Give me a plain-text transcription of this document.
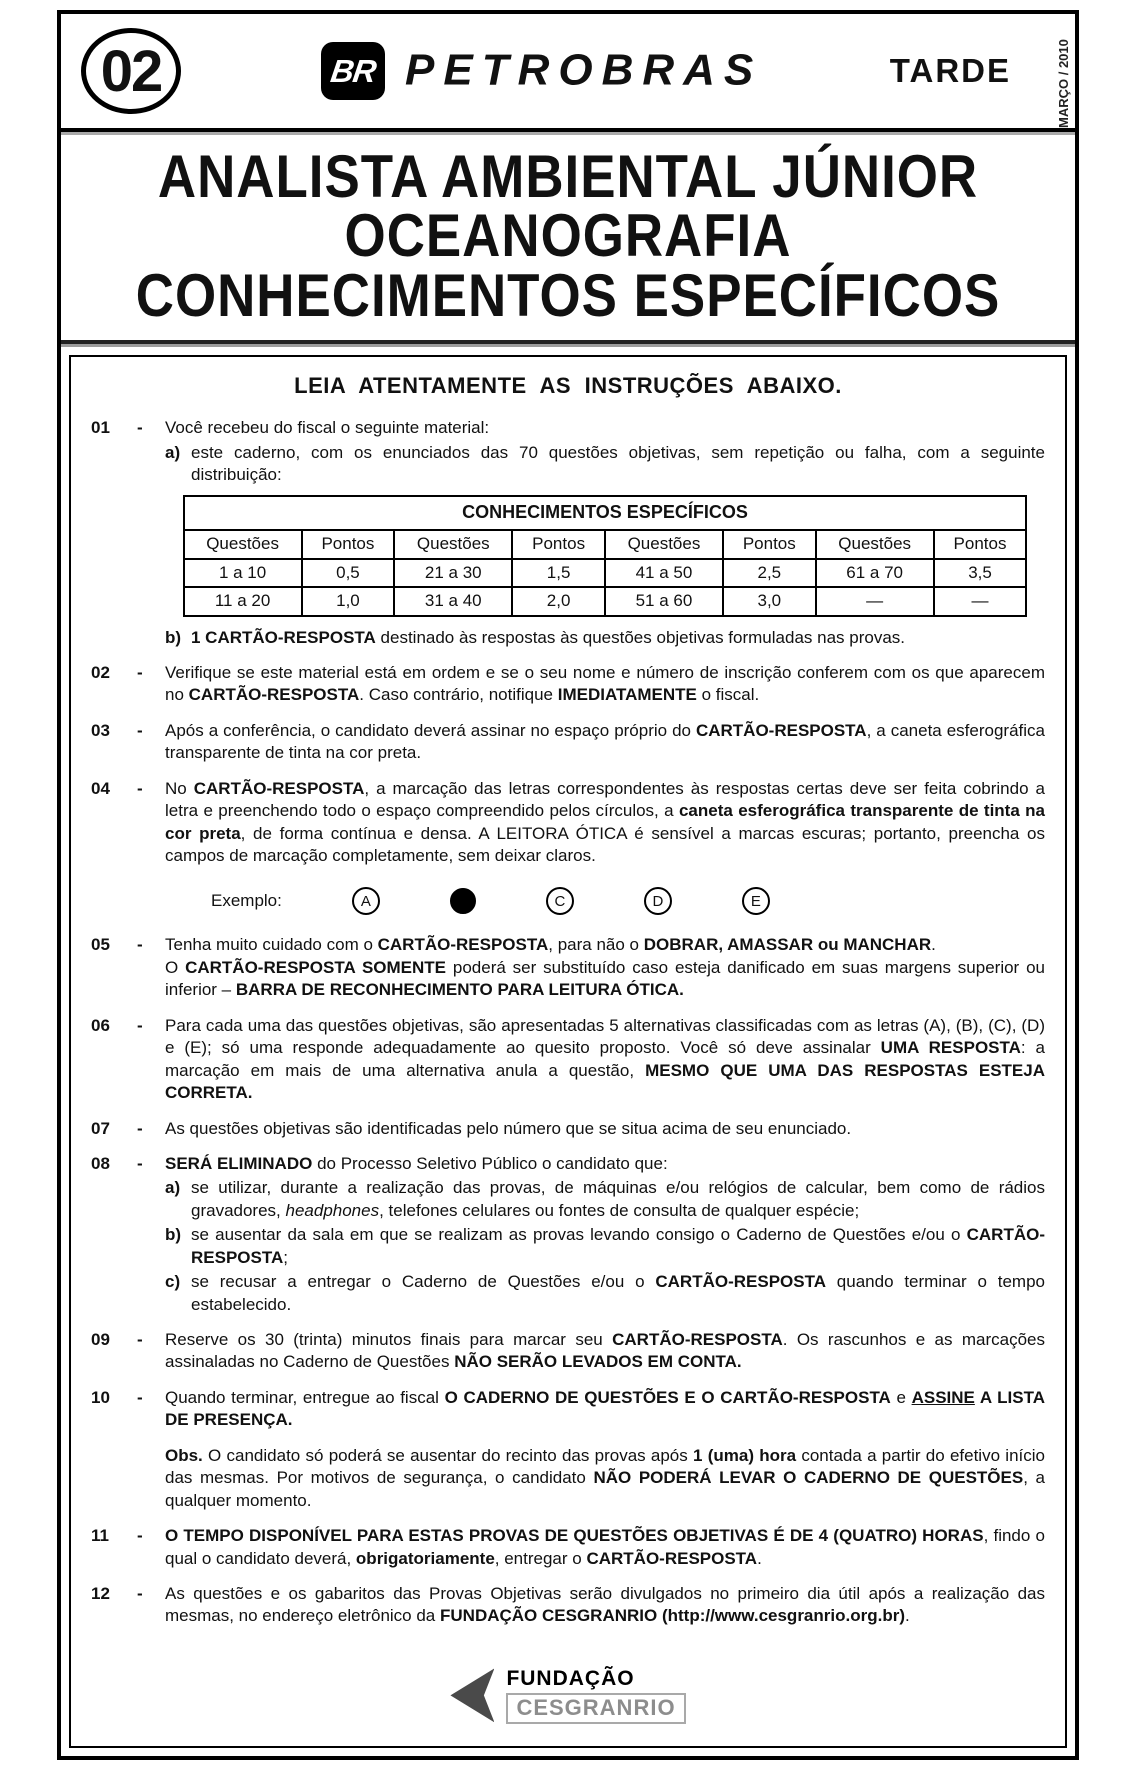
02	BR PETROBRAS	TARDE	MARÇO / 2010
ANALISTA AMBIENTAL JÚNIOR
OCEANOGRAFIA
CONHECIMENTOS ESPECÍFICOS
LEIA ATENTAMENTE AS INSTRUÇÕES ABAIXO.
01	-	Você recebeu do fiscal o seguinte material:

a) este caderno, com os enunciados das 70 questões objetivas, sem repetição ou falha, com a seguinte distribuição:
CONHECIMENTOS ESPECÍFICOS							
Questões	Pontos	Questões	Pontos	Questões	Pontos	Questões	Pontos
1 a 10	0,5	21 a 30	1,5	41 a 50	2,5	61 a 70	3,5
11 a 20	1,0	31 a 40	2,0	51 a 60	3,0	—	—
b) 1 CARTÃO-RESPOSTA destinado às respostas às questões objetivas formuladas nas provas.
02	-	Verifique se este material está em ordem e se o seu nome e número de inscrição conferem com os que aparecem no CARTÃO-RESPOSTA. Caso contrário, notifique IMEDIATAMENTE o fiscal.

03	-	Após a conferência, o candidato deverá assinar no espaço próprio do CARTÃO-RESPOSTA, a caneta esferográfica transparente de tinta na cor preta.

04	-	No CARTÃO-RESPOSTA, a marcação das letras correspondentes às respostas certas deve ser feita cobrindo a letra e preenchendo todo o espaço compreendido pelos círculos, a caneta esferográfica transparente de tinta na cor preta, de forma contínua e densa. A LEITORA ÓTICA é sensível a marcas escuras; portanto, preencha os campos de marcação completamente, sem deixar claros.

Exemplo:	A	C	D	E
05	-	Tenha muito cuidado com o CARTÃO-RESPOSTA, para não o DOBRAR, AMASSAR ou MANCHAR.

O CARTÃO-RESPOSTA SOMENTE poderá ser substituído caso esteja danificado em suas margens superior ou inferior – BARRA DE RECONHECIMENTO PARA LEITURA ÓTICA.

06	-	Para cada uma das questões objetivas, são apresentadas 5 alternativas classificadas com as letras (A), (B), (C), (D) e (E); só uma responde adequadamente ao quesito proposto. Você só deve assinalar UMA RESPOSTA: a marcação em mais de uma alternativa anula a questão, MESMO QUE UMA DAS RESPOSTAS ESTEJA CORRETA.

07	-	As questões objetivas são identificadas pelo número que se situa acima de seu enunciado.

08	-	SERÁ ELIMINADO do Processo Seletivo Público o candidato que:

a) se utilizar, durante a realização das provas, de máquinas e/ou relógios de calcular, bem como de rádios gravadores, headphones, telefones celulares ou fontes de consulta de qualquer espécie;
b) se ausentar da sala em que se realizam as provas levando consigo o Caderno de Questões e/ou o CARTÃO-RESPOSTA;
c) se recusar a entregar o Caderno de Questões e/ou o CARTÃO-RESPOSTA quando terminar o tempo estabelecido.
09	-	Reserve os 30 (trinta) minutos finais para marcar seu CARTÃO-RESPOSTA. Os rascunhos e as marcações assinaladas no Caderno de Questões NÃO SERÃO LEVADOS EM CONTA.

10	-	Quando terminar, entregue ao fiscal O CADERNO DE QUESTÕES E O CARTÃO-RESPOSTA e ASSINE A LISTA DE PRESENÇA.

Obs. O candidato só poderá se ausentar do recinto das provas após 1 (uma) hora contada a partir do efetivo início das mesmas. Por motivos de segurança, o candidato NÃO PODERÁ LEVAR O CADERNO DE QUESTÕES, a qualquer momento.

11	-	O TEMPO DISPONÍVEL PARA ESTAS PROVAS DE QUESTÕES OBJETIVAS É DE 4 (QUATRO) HORAS, findo o qual o candidato deverá, obrigatoriamente, entregar o CARTÃO-RESPOSTA.

12	-	As questões e os gabaritos das Provas Objetivas serão divulgados no primeiro dia útil após a realização das mesmas, no endereço eletrônico da FUNDAÇÃO CESGRANRIO (http://www.cesgranrio.org.br).

FUNDAÇÃO
CESGRANRIO
